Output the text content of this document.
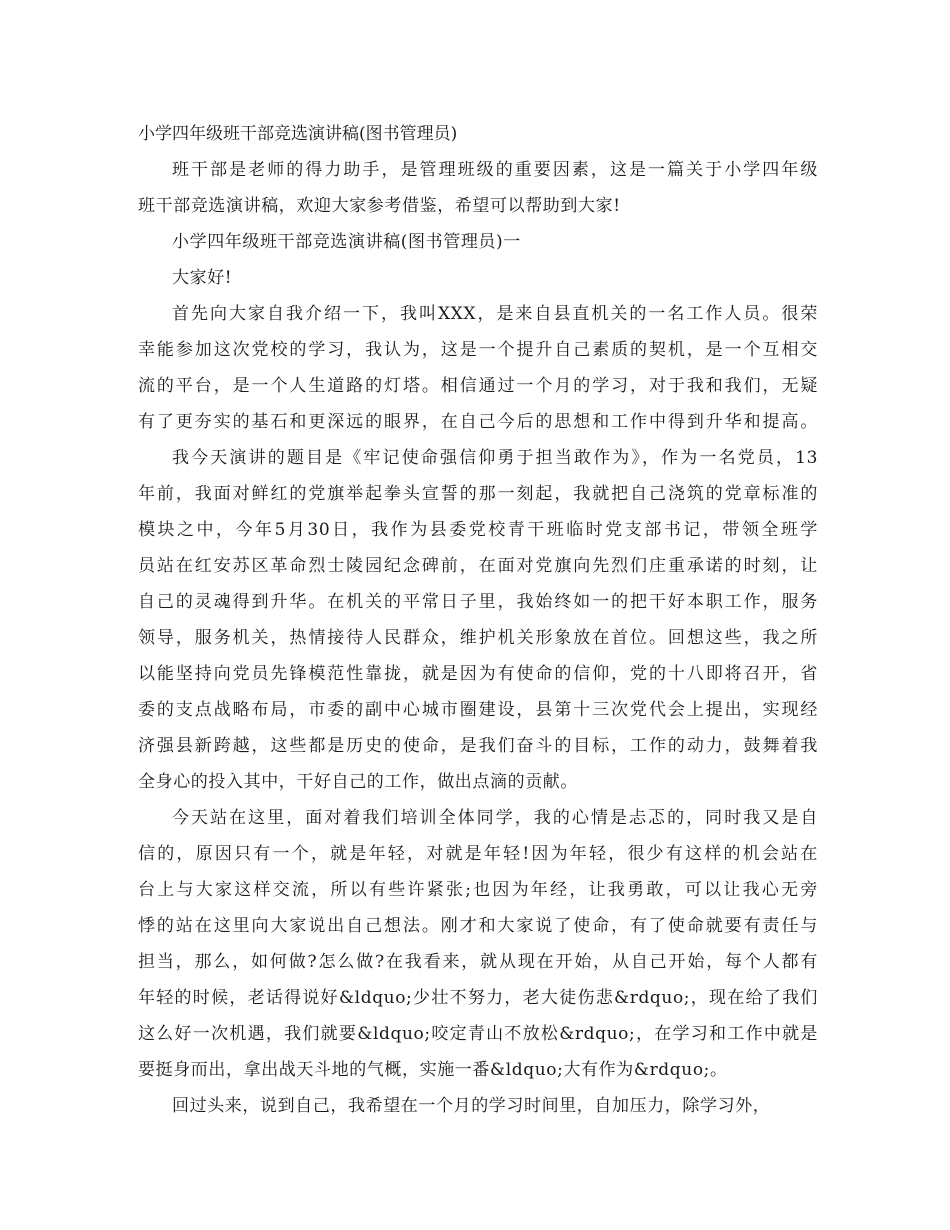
小学四年级班干部竞选演讲稿(图书管理员)
班干部是老师的得力助手，是管理班级的重要因素，这是一篇关于小学四年级
班干部竞选演讲稿，欢迎大家参考借鉴，希望可以帮助到大家!
小学四年级班干部竞选演讲稿(图书管理员)一
大家好!
首先向大家自我介绍一下，我叫XXX，是来自县直机关的一名工作人员。很荣
幸能参加这次党校的学习，我认为，这是一个提升自己素质的契机，是一个互相交
流的平台，是一个人生道路的灯塔。相信通过一个月的学习，对于我和我们，无疑
有了更夯实的基石和更深远的眼界，在自己今后的思想和工作中得到升华和提高。
我今天演讲的题目是《牢记使命强信仰勇于担当敢作为》，作为一名党员，13
年前，我面对鲜红的党旗举起拳头宣誓的那一刻起，我就把自己浇筑的党章标准的
模块之中，今年5月30日，我作为县委党校青干班临时党支部书记，带领全班学
员站在红安苏区革命烈士陵园纪念碑前，在面对党旗向先烈们庄重承诺的时刻，让
自己的灵魂得到升华。在机关的平常日子里，我始终如一的把干好本职工作，服务
领导，服务机关，热情接待人民群众，维护机关形象放在首位。回想这些，我之所
以能坚持向党员先锋模范性靠拢，就是因为有使命的信仰，党的十八即将召开，省
委的支点战略布局，市委的副中心城市圈建设，县第十三次党代会上提出，实现经
济强县新跨越，这些都是历史的使命，是我们奋斗的目标，工作的动力，鼓舞着我
全身心的投入其中，干好自己的工作，做出点滴的贡献。
今天站在这里，面对着我们培训全体同学，我的心情是忐忑的，同时我又是自
信的，原因只有一个，就是年轻，对就是年轻!因为年轻，很少有这样的机会站在
台上与大家这样交流，所以有些许紧张;也因为年经，让我勇敢，可以让我心无旁
悸的站在这里向大家说出自己想法。刚才和大家说了使命，有了使命就要有责任与
担当，那么，如何做?怎么做?在我看来，就从现在开始，从自己开始，每个人都有
年轻的时候，老话得说好&ldquo;少壮不努力，老大徒伤悲&rdquo;，现在给了我们
这么好一次机遇，我们就要&ldquo;咬定青山不放松&rdquo;，在学习和工作中就是
要挺身而出，拿出战天斗地的气概，实施一番&ldquo;大有作为&rdquo;。
回过头来，说到自己，我希望在一个月的学习时间里，自加压力，除学习外，
